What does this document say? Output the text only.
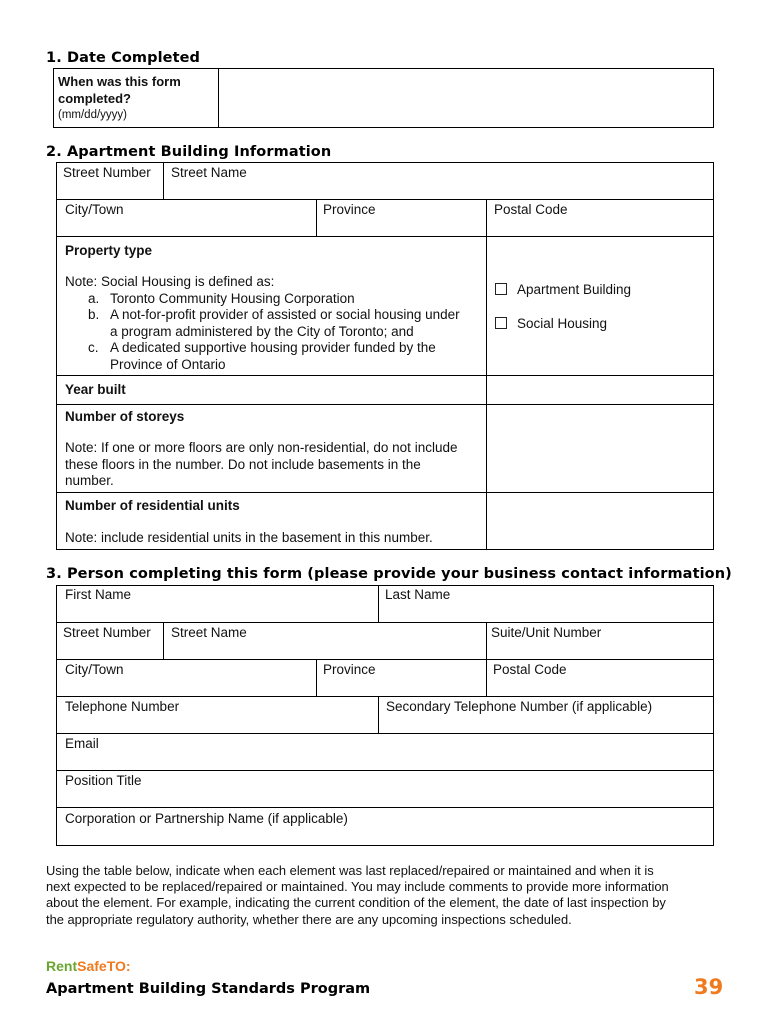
1. Date Completed
When was this form
completed?
(mm/dd/yyyy)
2. Apartment Building Information
Street Number Street Name
City/Town	Province	Postal Code
Property type
Note: Social Housing is defined as:
a. Toronto Community Housing Corporation
b. A not-for-profit provider of assisted or social housing under
a program administered by the City of Toronto; and
c. A dedicated supportive housing provider funded by the
Province of Ontario
Apartment Building
Social Housing
Year built
Number of storeys
Note: If one or more floors are only non-residential, do not include
these floors in the number. Do not include basements in the
number.
Number of residential units
Note: include residential units in the basement in this number.
3. Person completing this form (please provide your business contact information)
First Name	Last Name
Street Number Street Name	Suite/Unit Number
City/Town	Province	Postal Code
Telephone Number	Secondary Telephone Number (if applicable)
Email
Position Title
Corporation or Partnership Name (if applicable)
Using the table below, indicate when each element was last replaced/repaired or maintained and when it is
next expected to be replaced/repaired or maintained. You may include comments to provide more information
about the element. For example, indicating the current condition of the element, the date of last inspection by
the appropriate regulatory authority, whether there are any upcoming inspections scheduled.
RentSafeTO:
Apartment Building Standards Program	39
